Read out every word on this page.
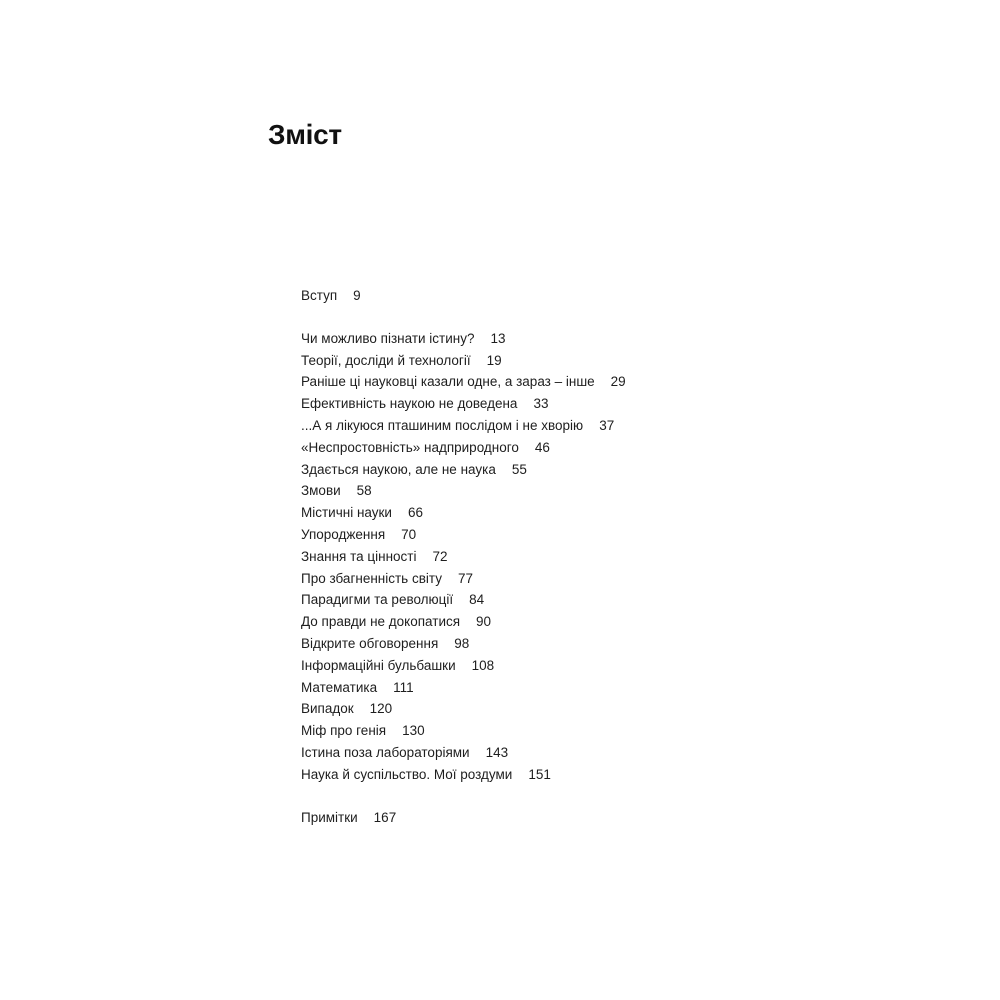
Зміст
Вступ 9
Чи можливо пізнати істину? 13
Теорії, досліди й технології 19
Раніше ці науковці казали одне, а зараз – інше 29
Ефективність наукою не доведена 33
...А я лікуюся пташиним послідом і не хворію 37
«Неспростовність» надприродного 46
Здається наукою, але не наука 55
Змови 58
Містичні науки 66
Упородження 70
Знання та цінності 72
Про збагненність світу 77
Парадигми та революції 84
До правди не докопатися 90
Відкрите обговорення 98
Інформаційні бульбашки 108
Математика 111
Випадок 120
Міф про генія 130
Істина поза лабораторіями 143
Наука й суспільство. Мої роздуми 151
Примітки 167
